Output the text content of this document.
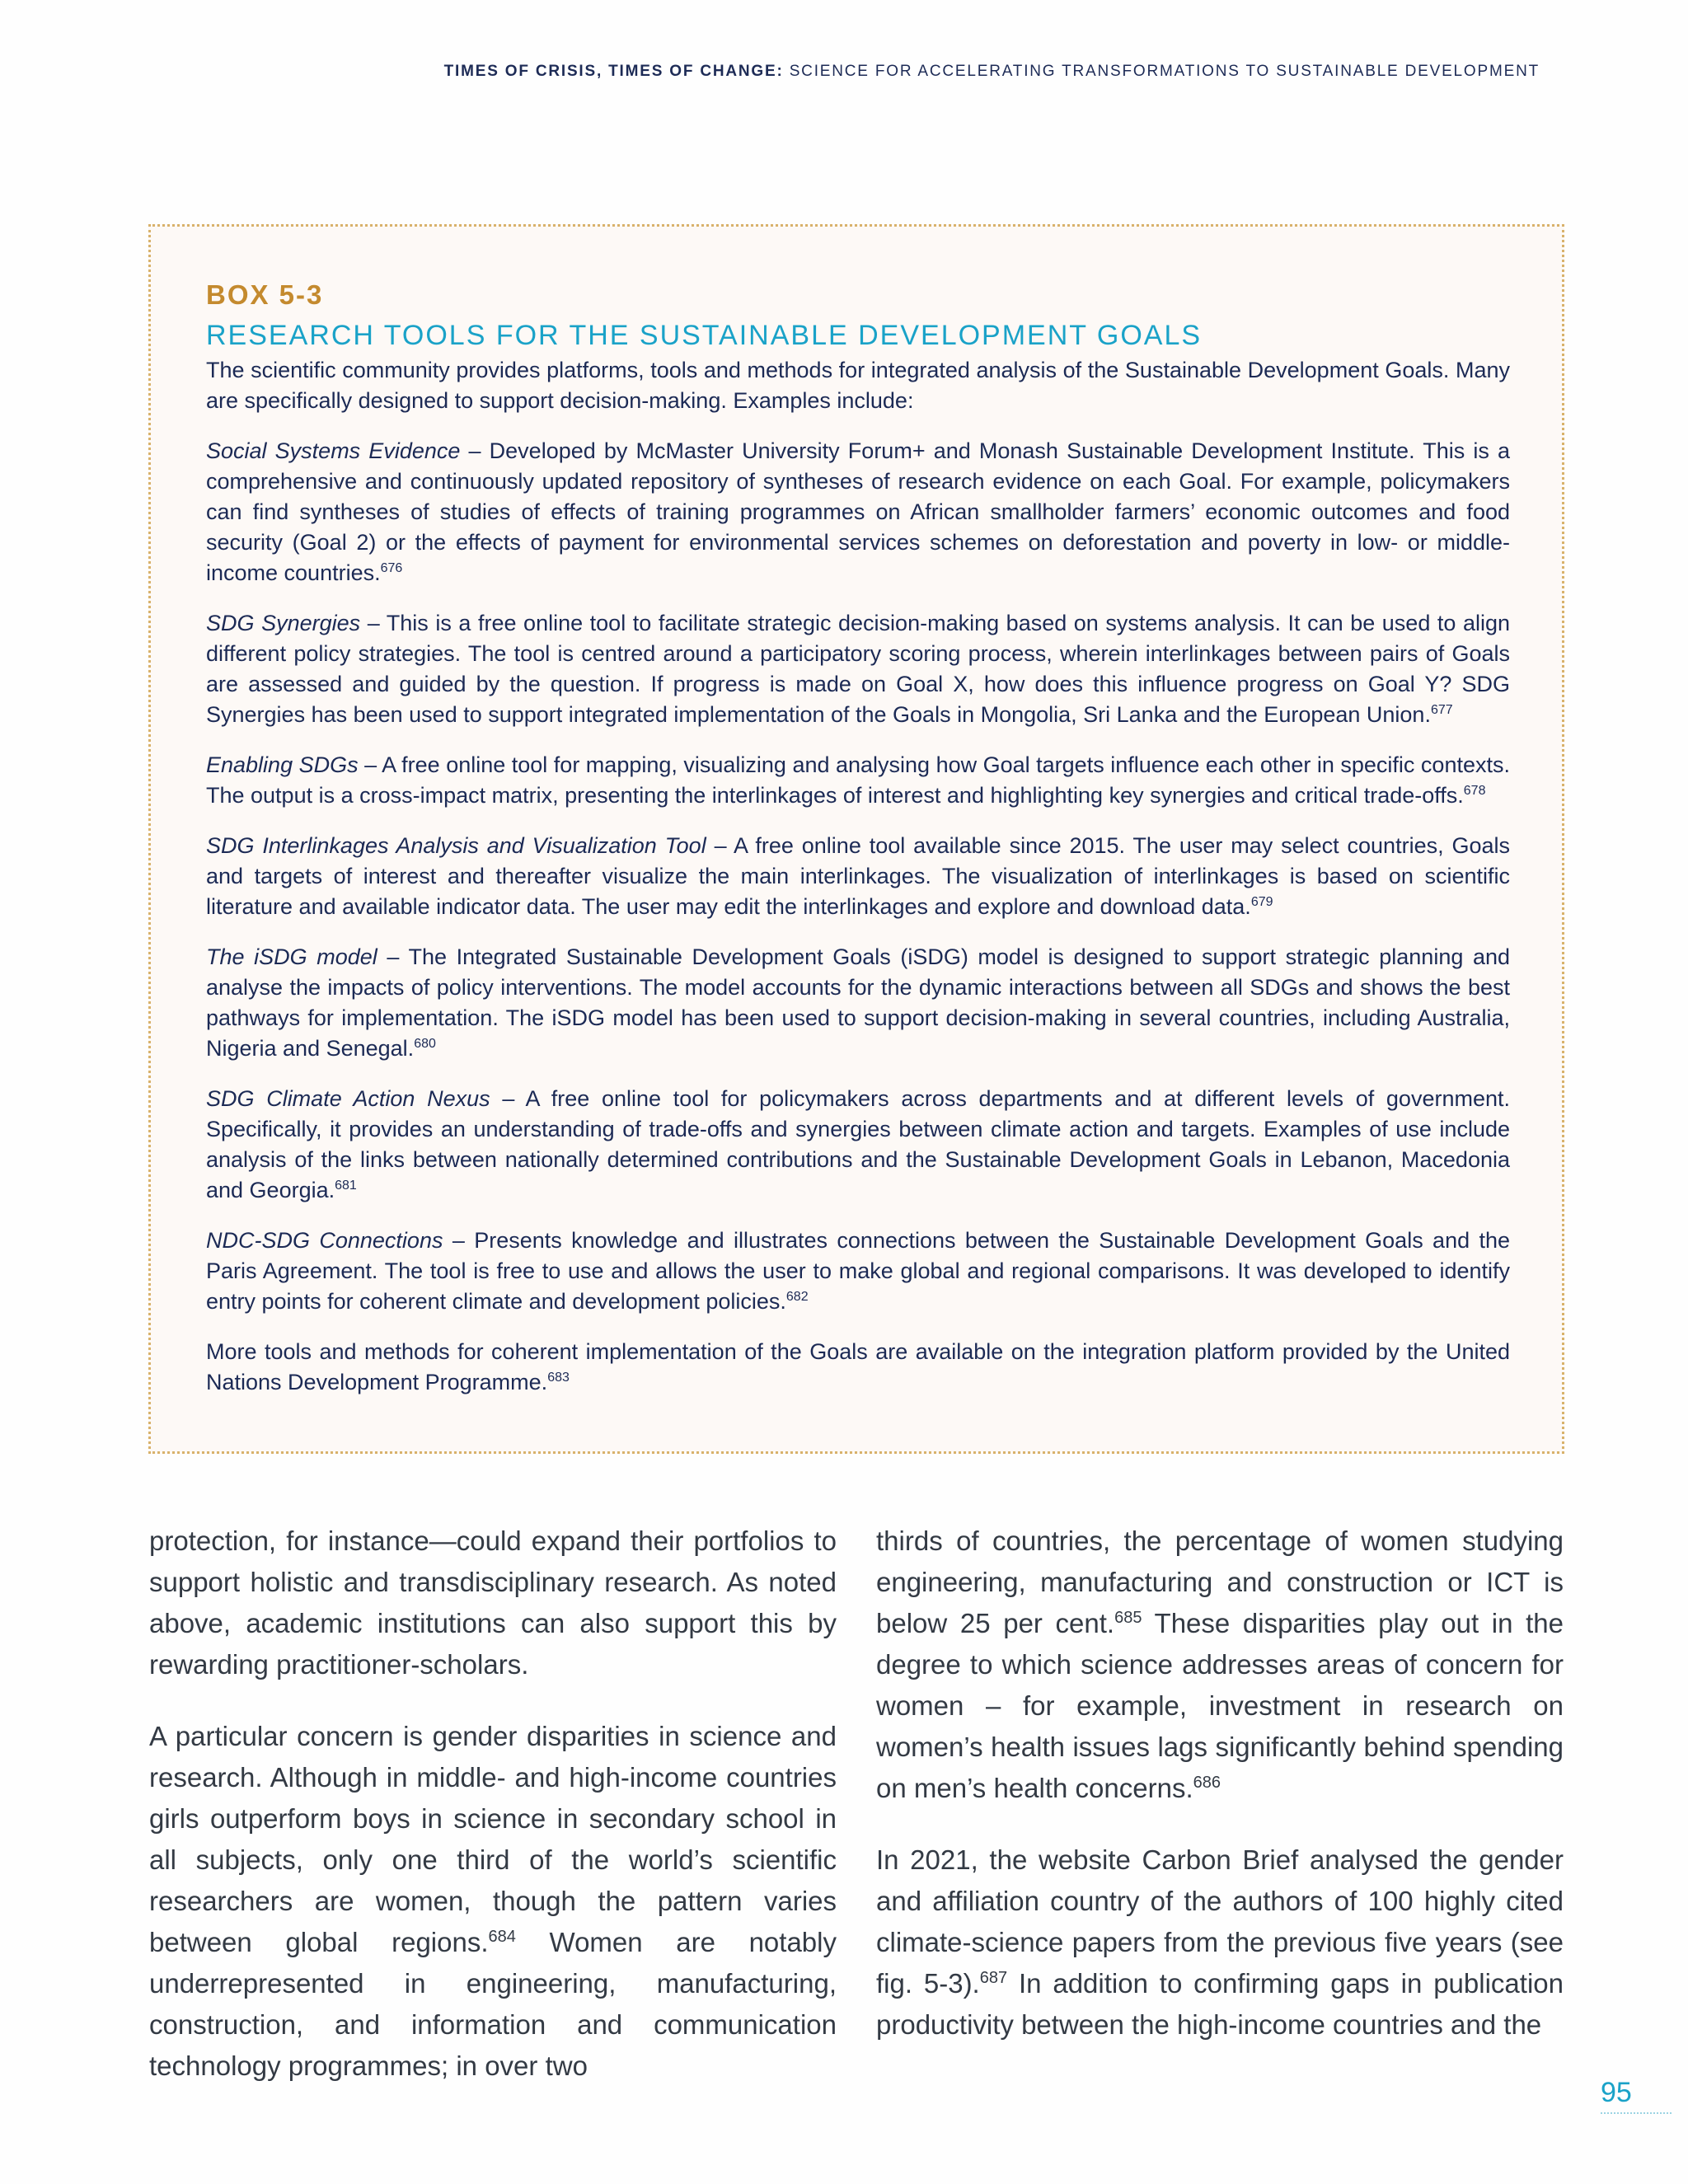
TIMES OF CRISIS, TIMES OF CHANGE: SCIENCE FOR ACCELERATING TRANSFORMATIONS TO SUSTAINABLE DEVELOPMENT
BOX 5-3
RESEARCH TOOLS FOR THE SUSTAINABLE DEVELOPMENT GOALS

The scientific community provides platforms, tools and methods for integrated analysis of the Sustainable Development Goals. Many are specifically designed to support decision-making. Examples include:

Social Systems Evidence – Developed by McMaster University Forum+ and Monash Sustainable Development Institute. This is a comprehensive and continuously updated repository of syntheses of research evidence on each Goal. For example, policymakers can find syntheses of studies of effects of training programmes on African smallholder farmers’ economic outcomes and food security (Goal 2) or the effects of payment for environmental services schemes on deforestation and poverty in low- or middle-income countries.$^{676}$

SDG Synergies – This is a free online tool to facilitate strategic decision-making based on systems analysis. It can be used to align different policy strategies. The tool is centred around a participatory scoring process, wherein interlinkages between pairs of Goals are assessed and guided by the question. If progress is made on Goal X, how does this influence progress on Goal Y? SDG Synergies has been used to support integrated implementation of the Goals in Mongolia, Sri Lanka and the European Union.$^{677}$

Enabling SDGs – A free online tool for mapping, visualizing and analysing how Goal targets influence each other in specific contexts. The output is a cross-impact matrix, presenting the interlinkages of interest and highlighting key synergies and critical trade-offs.$^{678}$

SDG Interlinkages Analysis and Visualization Tool – A free online tool available since 2015. The user may select countries, Goals and targets of interest and thereafter visualize the main interlinkages. The visualization of interlinkages is based on scientific literature and available indicator data. The user may edit the interlinkages and explore and download data.$^{679}$

The iSDG model – The Integrated Sustainable Development Goals (iSDG) model is designed to support strategic planning and analyse the impacts of policy interventions. The model accounts for the dynamic interactions between all SDGs and shows the best pathways for implementation. The iSDG model has been used to support decision-making in several countries, including Australia, Nigeria and Senegal.$^{680}$

SDG Climate Action Nexus – A free online tool for policymakers across departments and at different levels of government. Specifically, it provides an understanding of trade-offs and synergies between climate action and targets. Examples of use include analysis of the links between nationally determined contributions and the Sustainable Development Goals in Lebanon, Macedonia and Georgia.$^{681}$

NDC-SDG Connections – Presents knowledge and illustrates connections between the Sustainable Development Goals and the Paris Agreement. The tool is free to use and allows the user to make global and regional comparisons. It was developed to identify entry points for coherent climate and development policies.$^{682}$

More tools and methods for coherent implementation of the Goals are available on the integration platform provided by the United Nations Development Programme.$^{683}$

protection, for instance—could expand their portfolios to support holistic and transdisciplinary research. As noted above, academic institutions can also support this by rewarding practitioner-scholars.

A particular concern is gender disparities in science and research. Although in middle- and high-income countries girls outperform boys in science in secondary school in all subjects, only one third of the world’s scientific researchers are women, though the pattern varies between global regions.$^{684}$ Women are notably underrepresented in engineering, manufacturing, construction, and information and communication technology programmes; in over two

thirds of countries, the percentage of women studying engineering, manufacturing and construction or ICT is below 25 per cent.$^{685}$ These disparities play out in the degree to which science addresses areas of concern for women – for example, investment in research on women’s health issues lags significantly behind spending on men’s health concerns.$^{686}$

In 2021, the website Carbon Brief analysed the gender and affiliation country of the authors of 100 highly cited climate-science papers from the previous five years (see fig. 5-3).$^{687}$ In addition to confirming gaps in publication productivity between the high-income countries and the

95
